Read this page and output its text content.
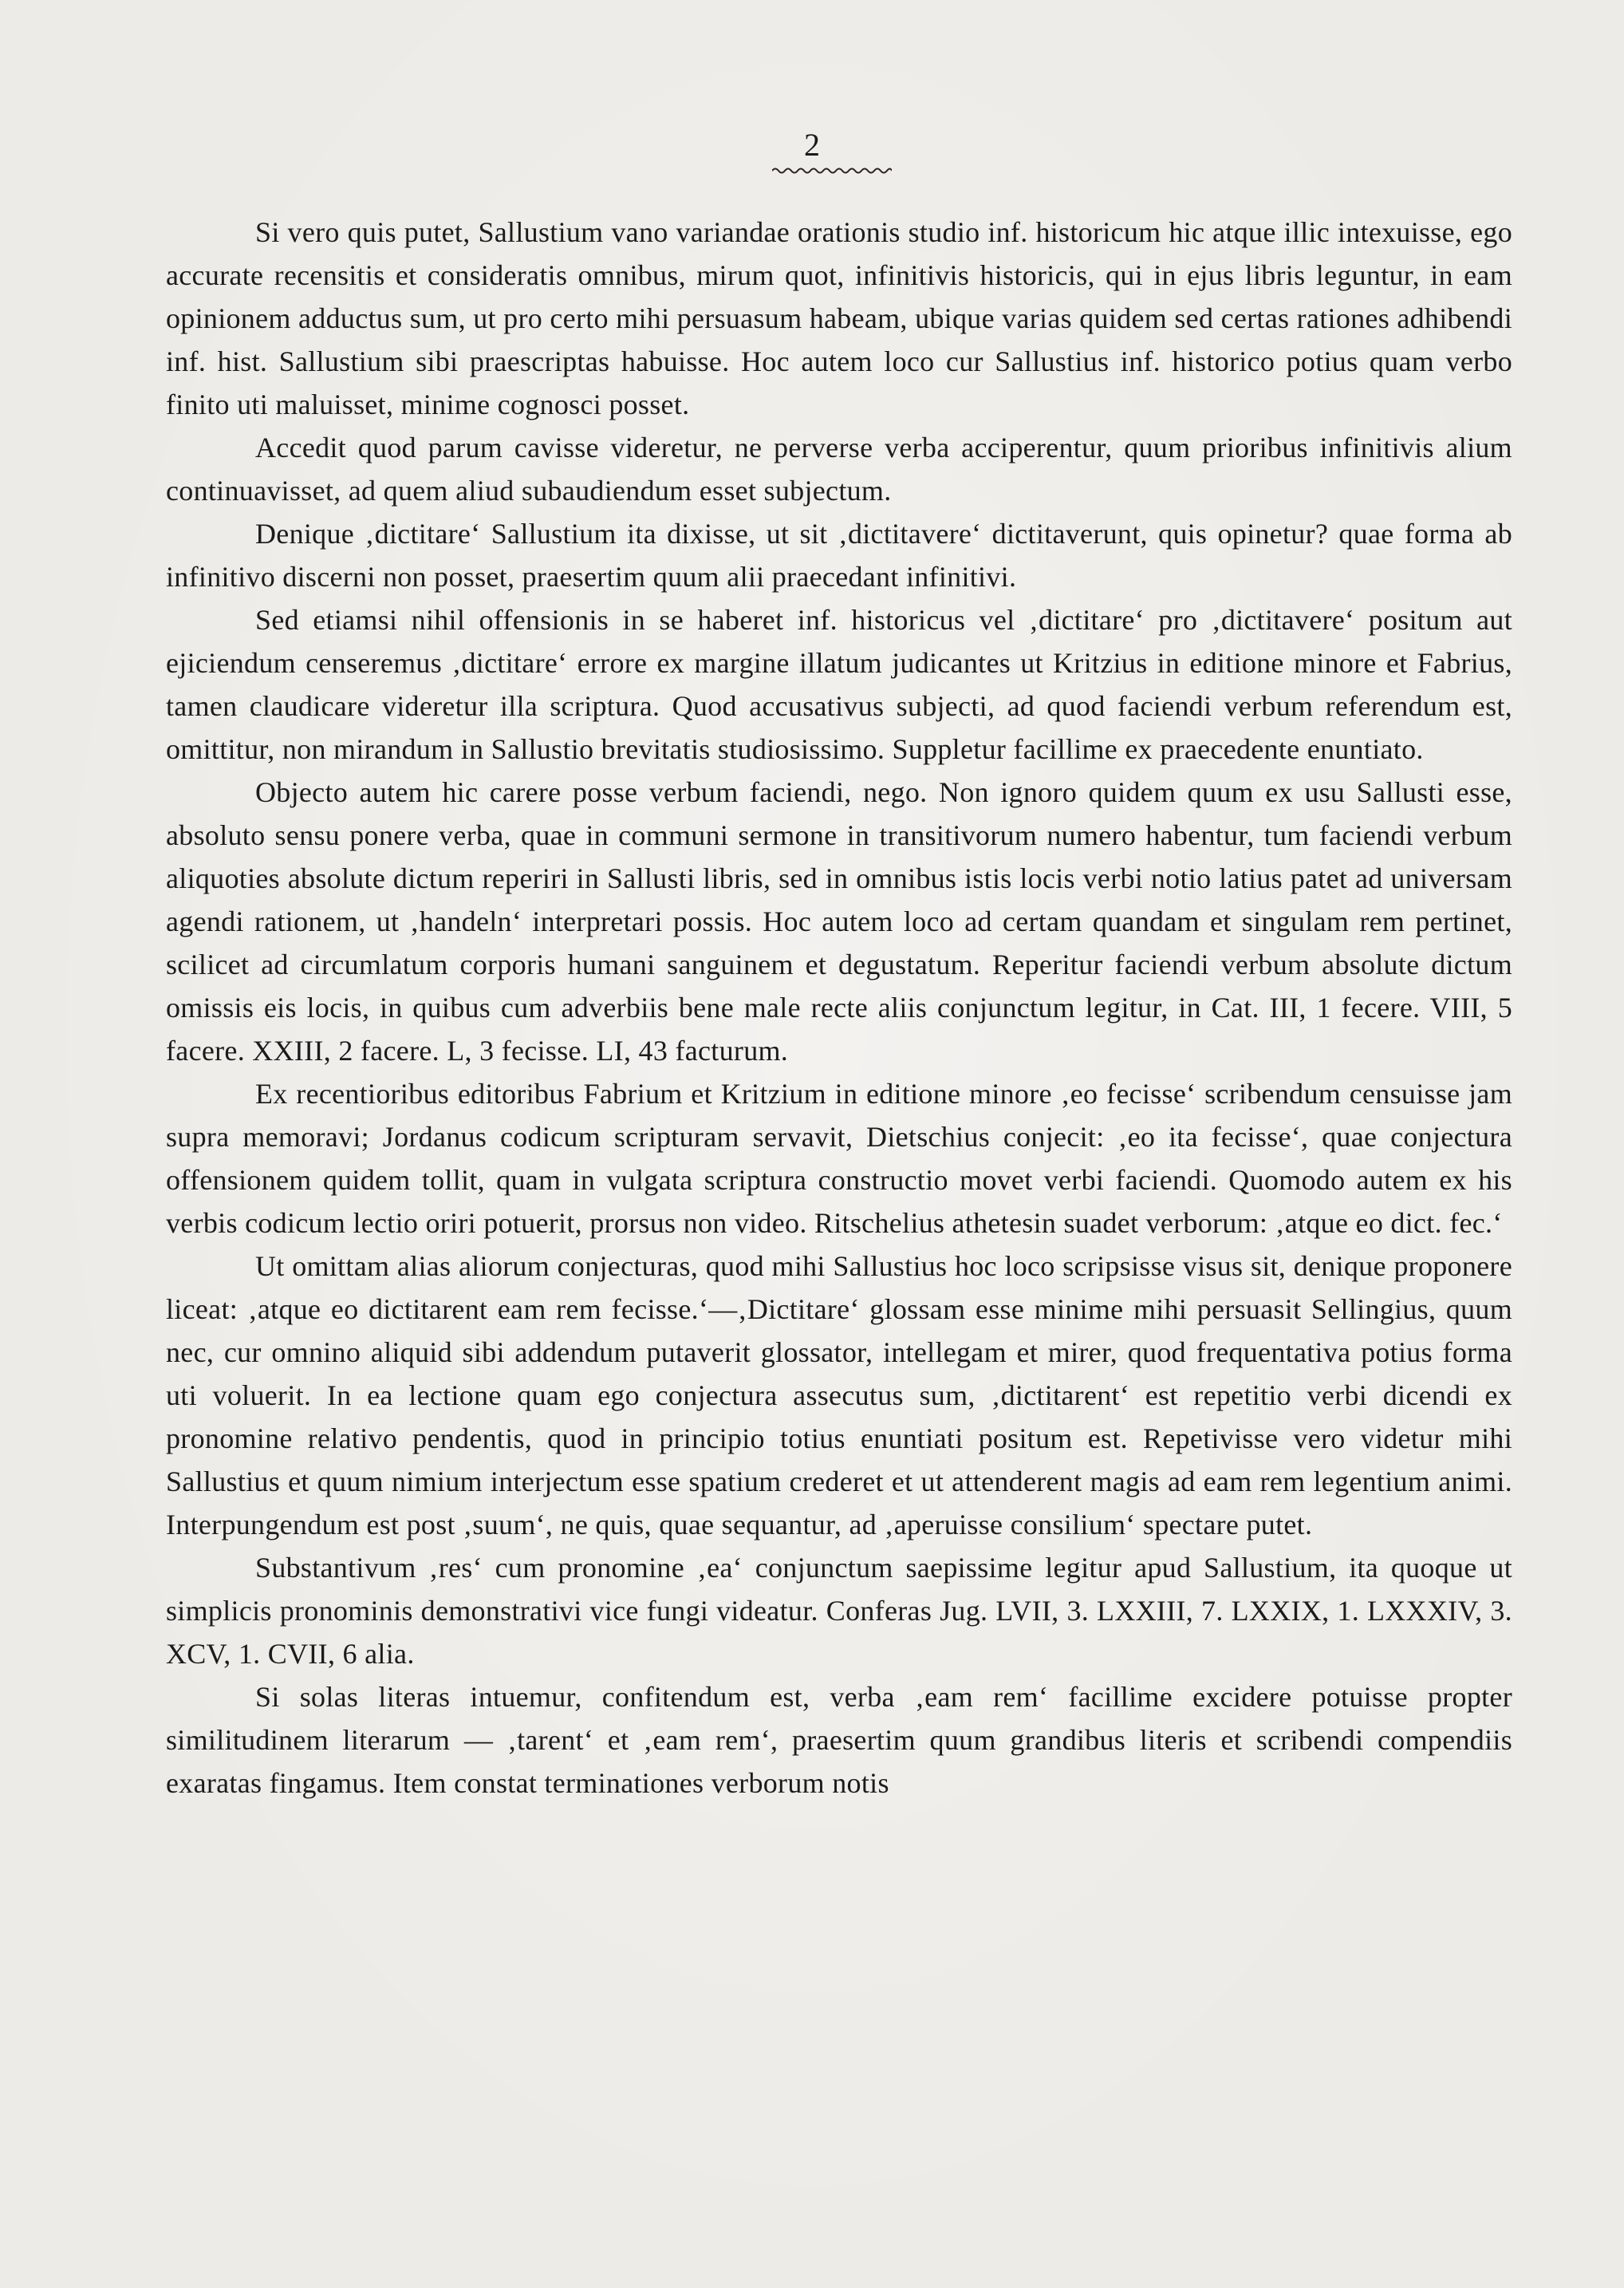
2

Si vero quis putet, Sallustium vano variandae orationis studio inf. historicum hic atque illic intexuisse, ego accurate recensitis et consideratis omnibus, mirum quot, infinitivis historicis, qui in ejus libris leguntur, in eam opinionem adductus sum, ut pro certo mihi persuasum habeam, ubique varias quidem sed certas rationes adhibendi inf. hist. Sallustium sibi praescriptas habuisse. Hoc autem loco cur Sallustius inf. historico potius quam verbo finito uti maluisset, minime cognosci posset.

Accedit quod parum cavisse videretur, ne perverse verba acciperentur, quum prioribus infinitivis alium continuavisset, ad quem aliud subaudiendum esset subjectum.

Denique ‚dictitare‘ Sallustium ita dixisse, ut sit ‚dictitavere‘ dictitaverunt, quis opinetur? quae forma ab infinitivo discerni non posset, praesertim quum alii praecedant infinitivi.

Sed etiamsi nihil offensionis in se haberet inf. historicus vel ‚dictitare‘ pro ‚dictitavere‘ positum aut ejiciendum censeremus ‚dictitare‘ errore ex margine illatum judicantes ut Kritzius in editione minore et Fabrius, tamen claudicare videretur illa scriptura. Quod accusativus subjecti, ad quod faciendi verbum referendum est, omittitur, non mirandum in Sallustio brevitatis studiosissimo. Suppletur facillime ex praecedente enuntiato.

Objecto autem hic carere posse verbum faciendi, nego. Non ignoro quidem quum ex usu Sallusti esse, absoluto sensu ponere verba, quae in communi sermone in transitivorum numero habentur, tum faciendi verbum aliquoties absolute dictum reperiri in Sallusti libris, sed in omnibus istis locis verbi notio latius patet ad universam agendi rationem, ut ‚handeln‘ interpretari possis. Hoc autem loco ad certam quandam et singulam rem pertinet, scilicet ad circumlatum corporis humani sanguinem et degustatum. Reperitur faciendi verbum absolute dictum omissis eis locis, in quibus cum adverbiis bene male recte aliis conjunctum legitur, in Cat. III, 1 fecere. VIII, 5 facere. XXIII, 2 facere. L, 3 fecisse. LI, 43 facturum.

Ex recentioribus editoribus Fabrium et Kritzium in editione minore ‚eo fecisse‘ scribendum censuisse jam supra memoravi; Jordanus codicum scripturam servavit, Dietschius conjecit: ‚eo ita fecisse‘, quae conjectura offensionem quidem tollit, quam in vulgata scriptura constructio movet verbi faciendi. Quomodo autem ex his verbis codicum lectio oriri potuerit, prorsus non video. Ritschelius athetesin suadet verborum: ‚atque eo dict. fec.‘

Ut omittam alias aliorum conjecturas, quod mihi Sallustius hoc loco scripsisse visus sit, denique proponere liceat: ‚atque eo dictitarent eam rem fecisse.‘—‚Dictitare‘ glossam esse minime mihi persuasit Sellingius, quum nec, cur omnino aliquid sibi addendum putaverit glossator, intellegam et mirer, quod frequentativa potius forma uti voluerit. In ea lectione quam ego conjectura assecutus sum, ‚dictitarent‘ est repetitio verbi dicendi ex pronomine relativo pendentis, quod in principio totius enuntiati positum est. Repetivisse vero videtur mihi Sallustius et quum nimium interjectum esse spatium crederet et ut attenderent magis ad eam rem legentium animi. Interpungendum est post ‚suum‘, ne quis, quae sequantur, ad ‚aperuisse consilium‘ spectare putet.

Substantivum ‚res‘ cum pronomine ‚ea‘ conjunctum saepissime legitur apud Sallustium, ita quoque ut simplicis pronominis demonstrativi vice fungi videatur. Conferas Jug. LVII, 3. LXXIII, 7. LXXIX, 1. LXXXIV, 3. XCV, 1. CVII, 6 alia.

Si solas literas intuemur, confitendum est, verba ‚eam rem‘ facillime excidere potuisse propter similitudinem literarum — ‚tarent‘ et ‚eam rem‘, praesertim quum grandibus literis et scribendi compendiis exaratas fingamus. Item constat terminationes verborum notis
